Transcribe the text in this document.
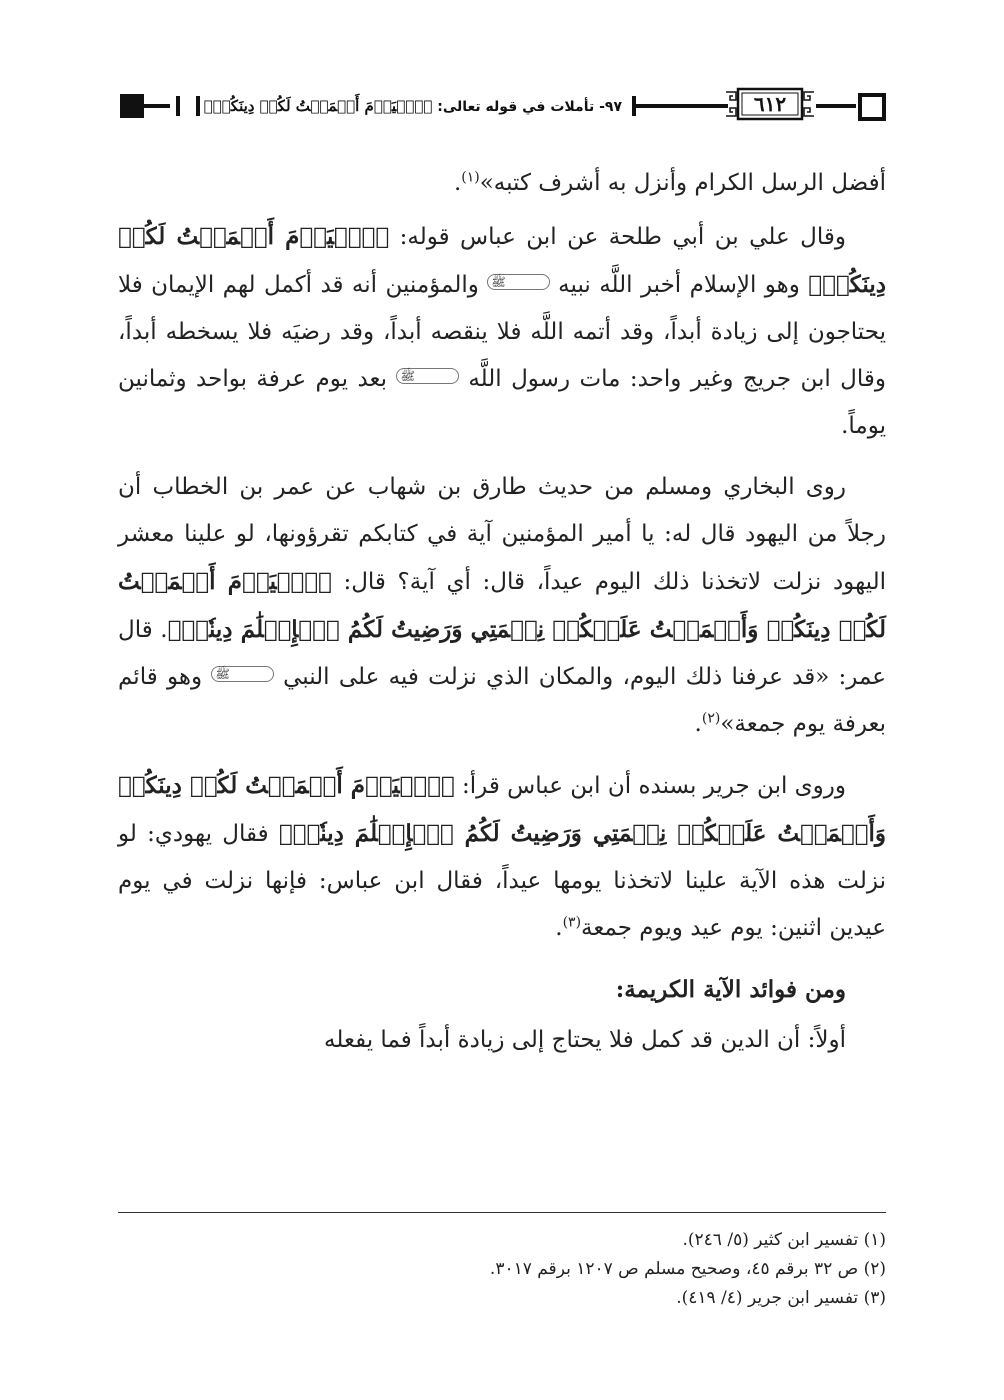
٩٧- تأملات في قوله تعالى: ﴿ٱلۡيَوۡمَ أَكۡمَلۡتُ لَكُمۡ دِينَكُمۡ﴾	٦١٢

أفضل الرسل الكرام وأنزل به أشرف كتبه»$^{(١)}$.

وقال علي بن أبي طلحة عن ابن عباس قوله: ﴿ٱلۡيَوۡمَ أَكۡمَلۡتُ لَكُمۡ دِينَكُمۡ﴾ وهو الإسلام أخبر اللَّه نبيه ﷺ والمؤمنين أنه قد أكمل لهم الإيمان فلا يحتاجون إلى زيادة أبداً، وقد أتمه اللَّه فلا ينقصه أبداً، وقد رضيَه فلا يسخطه أبداً، وقال ابن جريج وغير واحد: مات رسول اللَّه ﷺ بعد يوم عرفة بواحد وثمانين يوماً.

روى البخاري ومسلم من حديث طارق بن شهاب عن عمر بن الخطاب أن رجلاً من اليهود قال له: يا أمير المؤمنين آية في كتابكم تقرؤونها، لو علينا معشر اليهود نزلت لاتخذنا ذلك اليوم عيداً، قال: أي آية؟ قال: ﴿ٱلۡيَوۡمَ أَكۡمَلۡتُ لَكُمۡ دِينَكُمۡ وَأَتۡمَمۡتُ عَلَيۡكُمۡ نِعۡمَتِي وَرَضِيتُ لَكُمُ ٱلۡإِسۡلَٰمَ دِينٗاۚ﴾. قال عمر: «قد عرفنا ذلك اليوم، والمكان الذي نزلت فيه على النبي ﷺ وهو قائم بعرفة يوم جمعة»$^{(٢)}$.

وروى ابن جرير بسنده أن ابن عباس قرأ: ﴿ٱلۡيَوۡمَ أَكۡمَلۡتُ لَكُمۡ دِينَكُمۡ وَأَتۡمَمۡتُ عَلَيۡكُمۡ نِعۡمَتِي وَرَضِيتُ لَكُمُ ٱلۡإِسۡلَٰمَ دِينٗاۚ﴾ فقال يهودي: لو نزلت هذه الآية علينا لاتخذنا يومها عيداً، فقال ابن عباس: فإنها نزلت في يوم عيدين اثنين: يوم عيد ويوم جمعة$^{(٣)}$.

ومن فوائد الآية الكريمة:

أولاً: أن الدين قد كمل فلا يحتاج إلى زيادة أبداً فما يفعله

(١) تفسير ابن كثير (٥/ ٢٤٦).

(٢) ص ٣٢ برقم ٤٥، وصحيح مسلم ص ١٢٠٧ برقم ٣٠١٧.

(٣) تفسير ابن جرير (٤/ ٤١٩).
